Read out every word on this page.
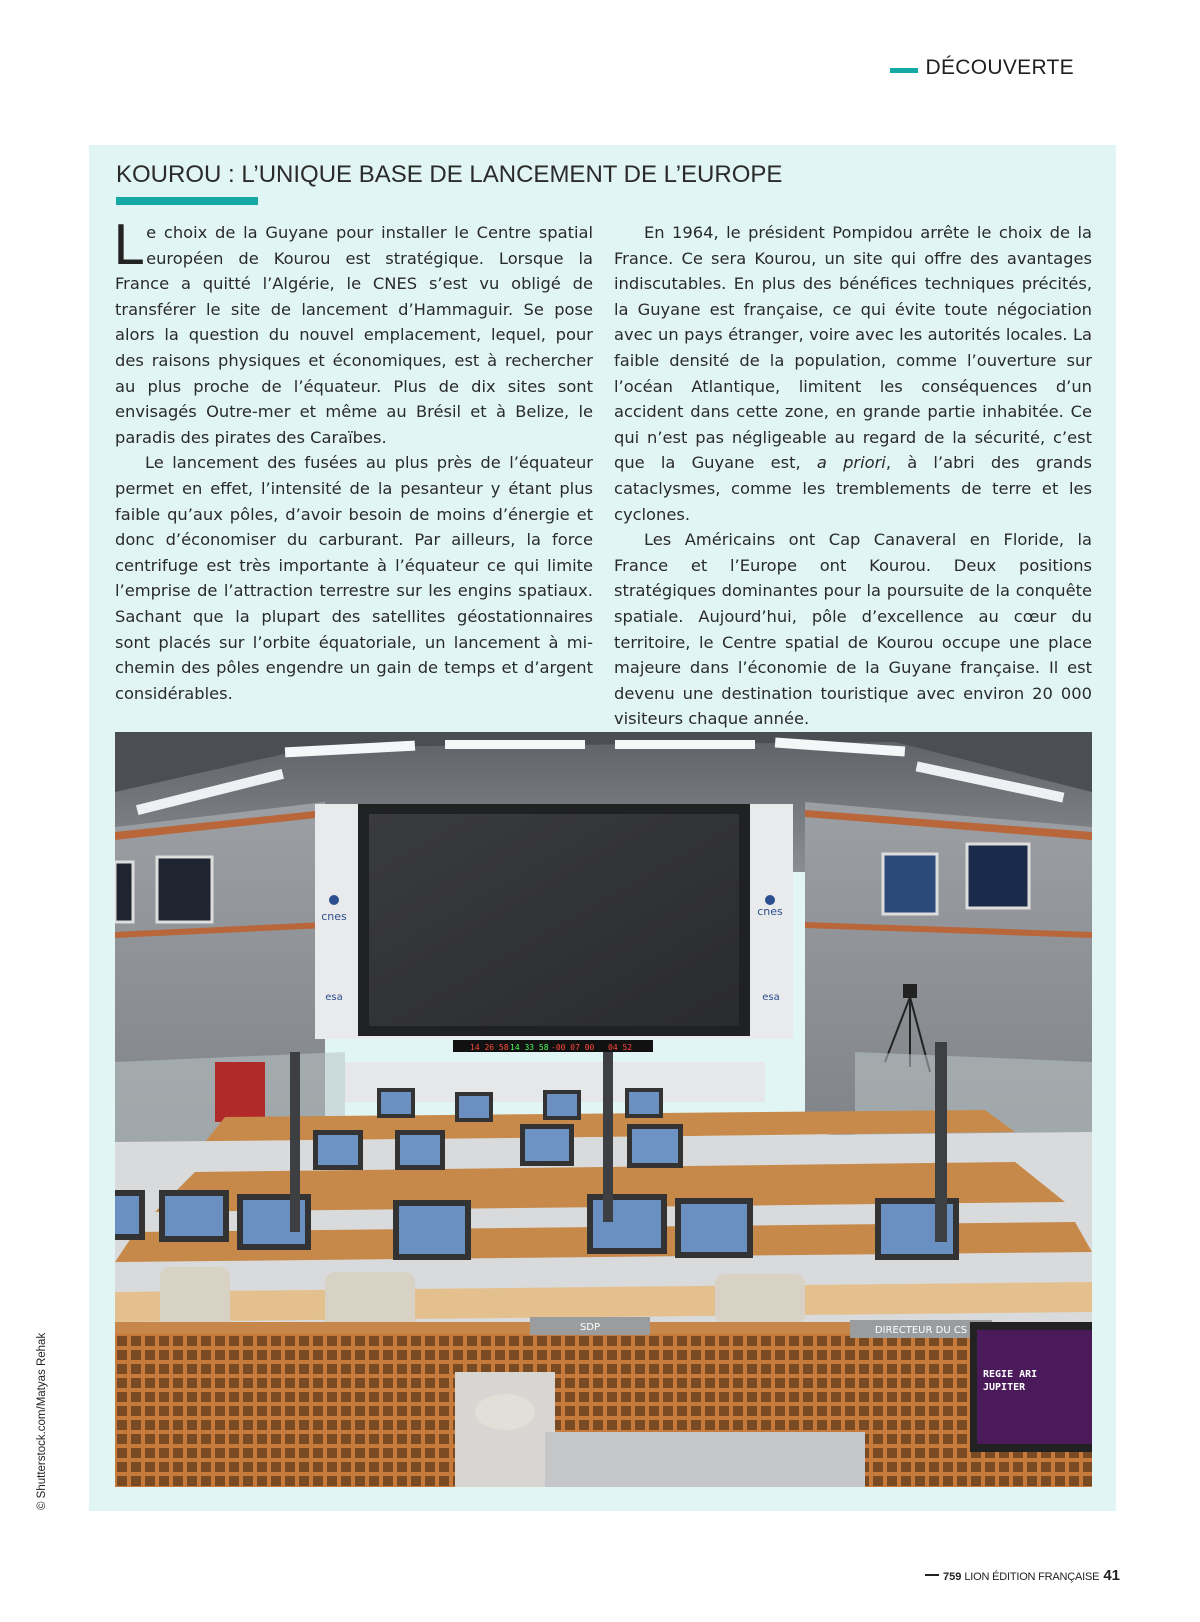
DÉCOUVERTE
KOUROU : L’UNIQUE BASE DE LANCEMENT DE L’EUROPE

Le choix de la Guyane pour installer le Centre spatial européen de Kourou est stratégique. Lorsque la France a quitté l’Algérie, le CNES s’est vu obligé de transférer le site de lancement d’Hammaguir. Se pose alors la question du nouvel emplacement, lequel, pour des raisons physiques et économiques, est à rechercher au plus proche de l’équateur. Plus de dix sites sont envisagés Outre-mer et même au Brésil et à Belize, le paradis des pirates des Caraïbes.

Le lancement des fusées au plus près de l’équateur permet en effet, l’intensité de la pesanteur y étant plus faible qu’aux pôles, d’avoir besoin de moins d’énergie et donc d’économiser du carburant. Par ailleurs, la force centrifuge est très importante à l’équateur ce qui limite l’emprise de l’attraction terrestre sur les engins spatiaux. Sachant que la plupart des satellites géostationnaires sont placés sur l’orbite équatoriale, un lancement à mi-chemin des pôles engendre un gain de temps et d’argent considérables.

En 1964, le président Pompidou arrête le choix de la France. Ce sera Kourou, un site qui offre des avantages indiscutables. En plus des bénéfices techniques précités, la Guyane est française, ce qui évite toute négociation avec un pays étranger, voire avec les autorités locales. La faible densité de la population, comme l’ouverture sur l’océan Atlantique, limitent les conséquences d’un accident dans cette zone, en grande partie inhabitée. Ce qui n’est pas négligeable au regard de la sécurité, c’est que la Guyane est, a priori, à l’abri des grands cataclysmes, comme les tremblements de terre et les cyclones.

Les Américains ont Cap Canaveral en Floride, la France et l’Europe ont Kourou. Deux positions stratégiques dominantes pour la poursuite de la conquête spatiale. Aujourd’hui, pôle d’excellence au cœur du territoire, le Centre spatial de Kourou occupe une place majeure dans l’économie de la Guyane française. Il est devenu une destination touristique avec environ 20 000 visiteurs chaque année.

cnes
esa
cnes
esa
14 26 58 14 33 58 -00 07 00 04 52
SDP	DIRECTEUR DU CS
REGIE ARI
JUPITER
© Shutterstock.com/Matyas Rehak
759 LION ÉDITION FRANÇAISE 41
